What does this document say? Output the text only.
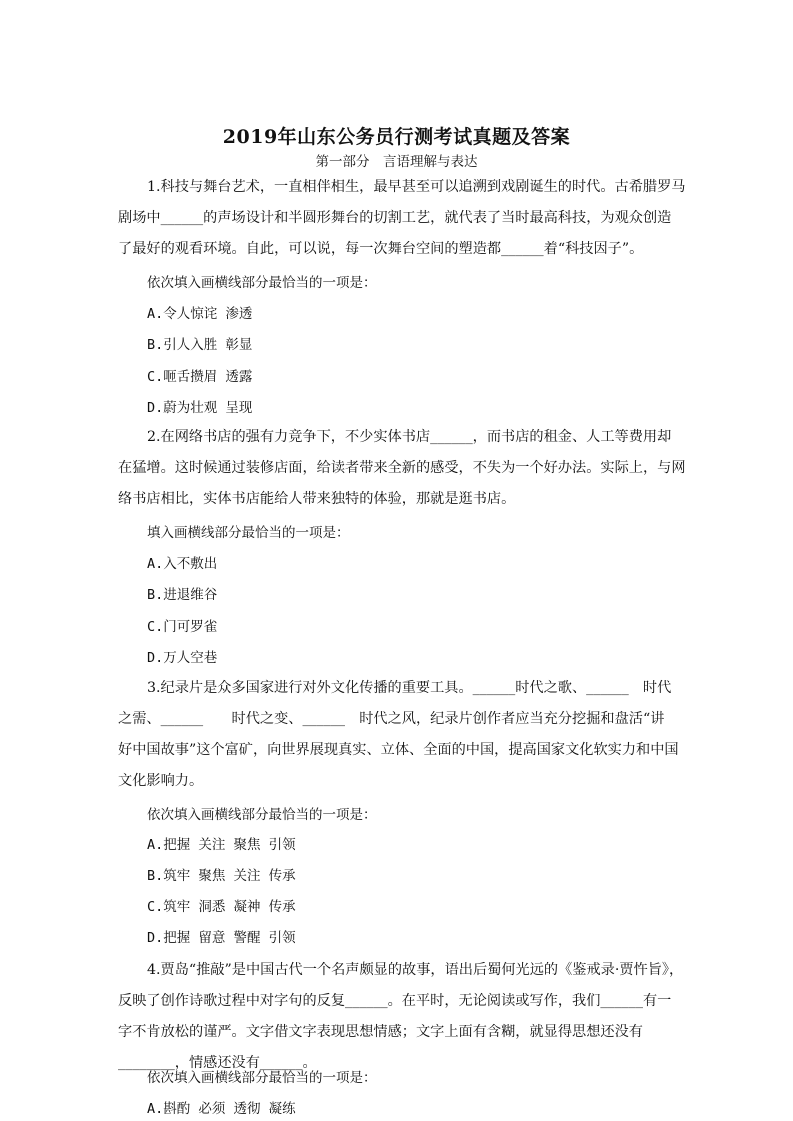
2019年山东公务员行测考试真题及答案
第一部分　言语理解与表达
1.科技与舞台艺术，一直相伴相生，最早甚至可以追溯到戏剧诞生的时代。古希腊罗马
剧场中______的声场设计和半圆形舞台的切割工艺，就代表了当时最高科技，为观众创造
了最好的观看环境。自此，可以说，每一次舞台空间的塑造都______着“科技因子”。
依次填入画横线部分最恰当的一项是：
A.令人惊诧 渗透
B.引人入胜 彰显
C.咂舌攒眉 透露
D.蔚为壮观 呈现
2.在网络书店的强有力竞争下，不少实体书店______，而书店的租金、人工等费用却
在猛增。这时候通过装修店面，给读者带来全新的感受，不失为一个好办法。实际上，与网
络书店相比，实体书店能给人带来独特的体验，那就是逛书店。
填入画横线部分最恰当的一项是：
A.入不敷出
B.进退维谷
C.门可罗雀
D.万人空巷
3.纪录片是众多国家进行对外文化传播的重要工具。______时代之歌、______　时代
之需、______　　时代之变、______　时代之风，纪录片创作者应当充分挖掘和盘活“讲
好中国故事”这个富矿，向世界展现真实、立体、全面的中国，提高国家文化软实力和中国
文化影响力。
依次填入画横线部分最恰当的一项是：
A.把握 关注 聚焦 引领
B.筑牢 聚焦 关注 传承
C.筑牢 洞悉 凝神 传承
D.把握 留意 警醒 引领
4.贾岛“推敲”是中国古代一个名声颇显的故事，语出后蜀何光远的《鉴戒录·贾忤旨》，
反映了创作诗歌过程中对字句的反复______。在平时，无论阅读或写作，我们______有一
字不肯放松的谨严。文字借文字表现思想情感；文字上面有含糊，就显得思想还没有
________，情感还没有______。
依次填入画横线部分最恰当的一项是：
A.斟酌 必须 透彻 凝练
